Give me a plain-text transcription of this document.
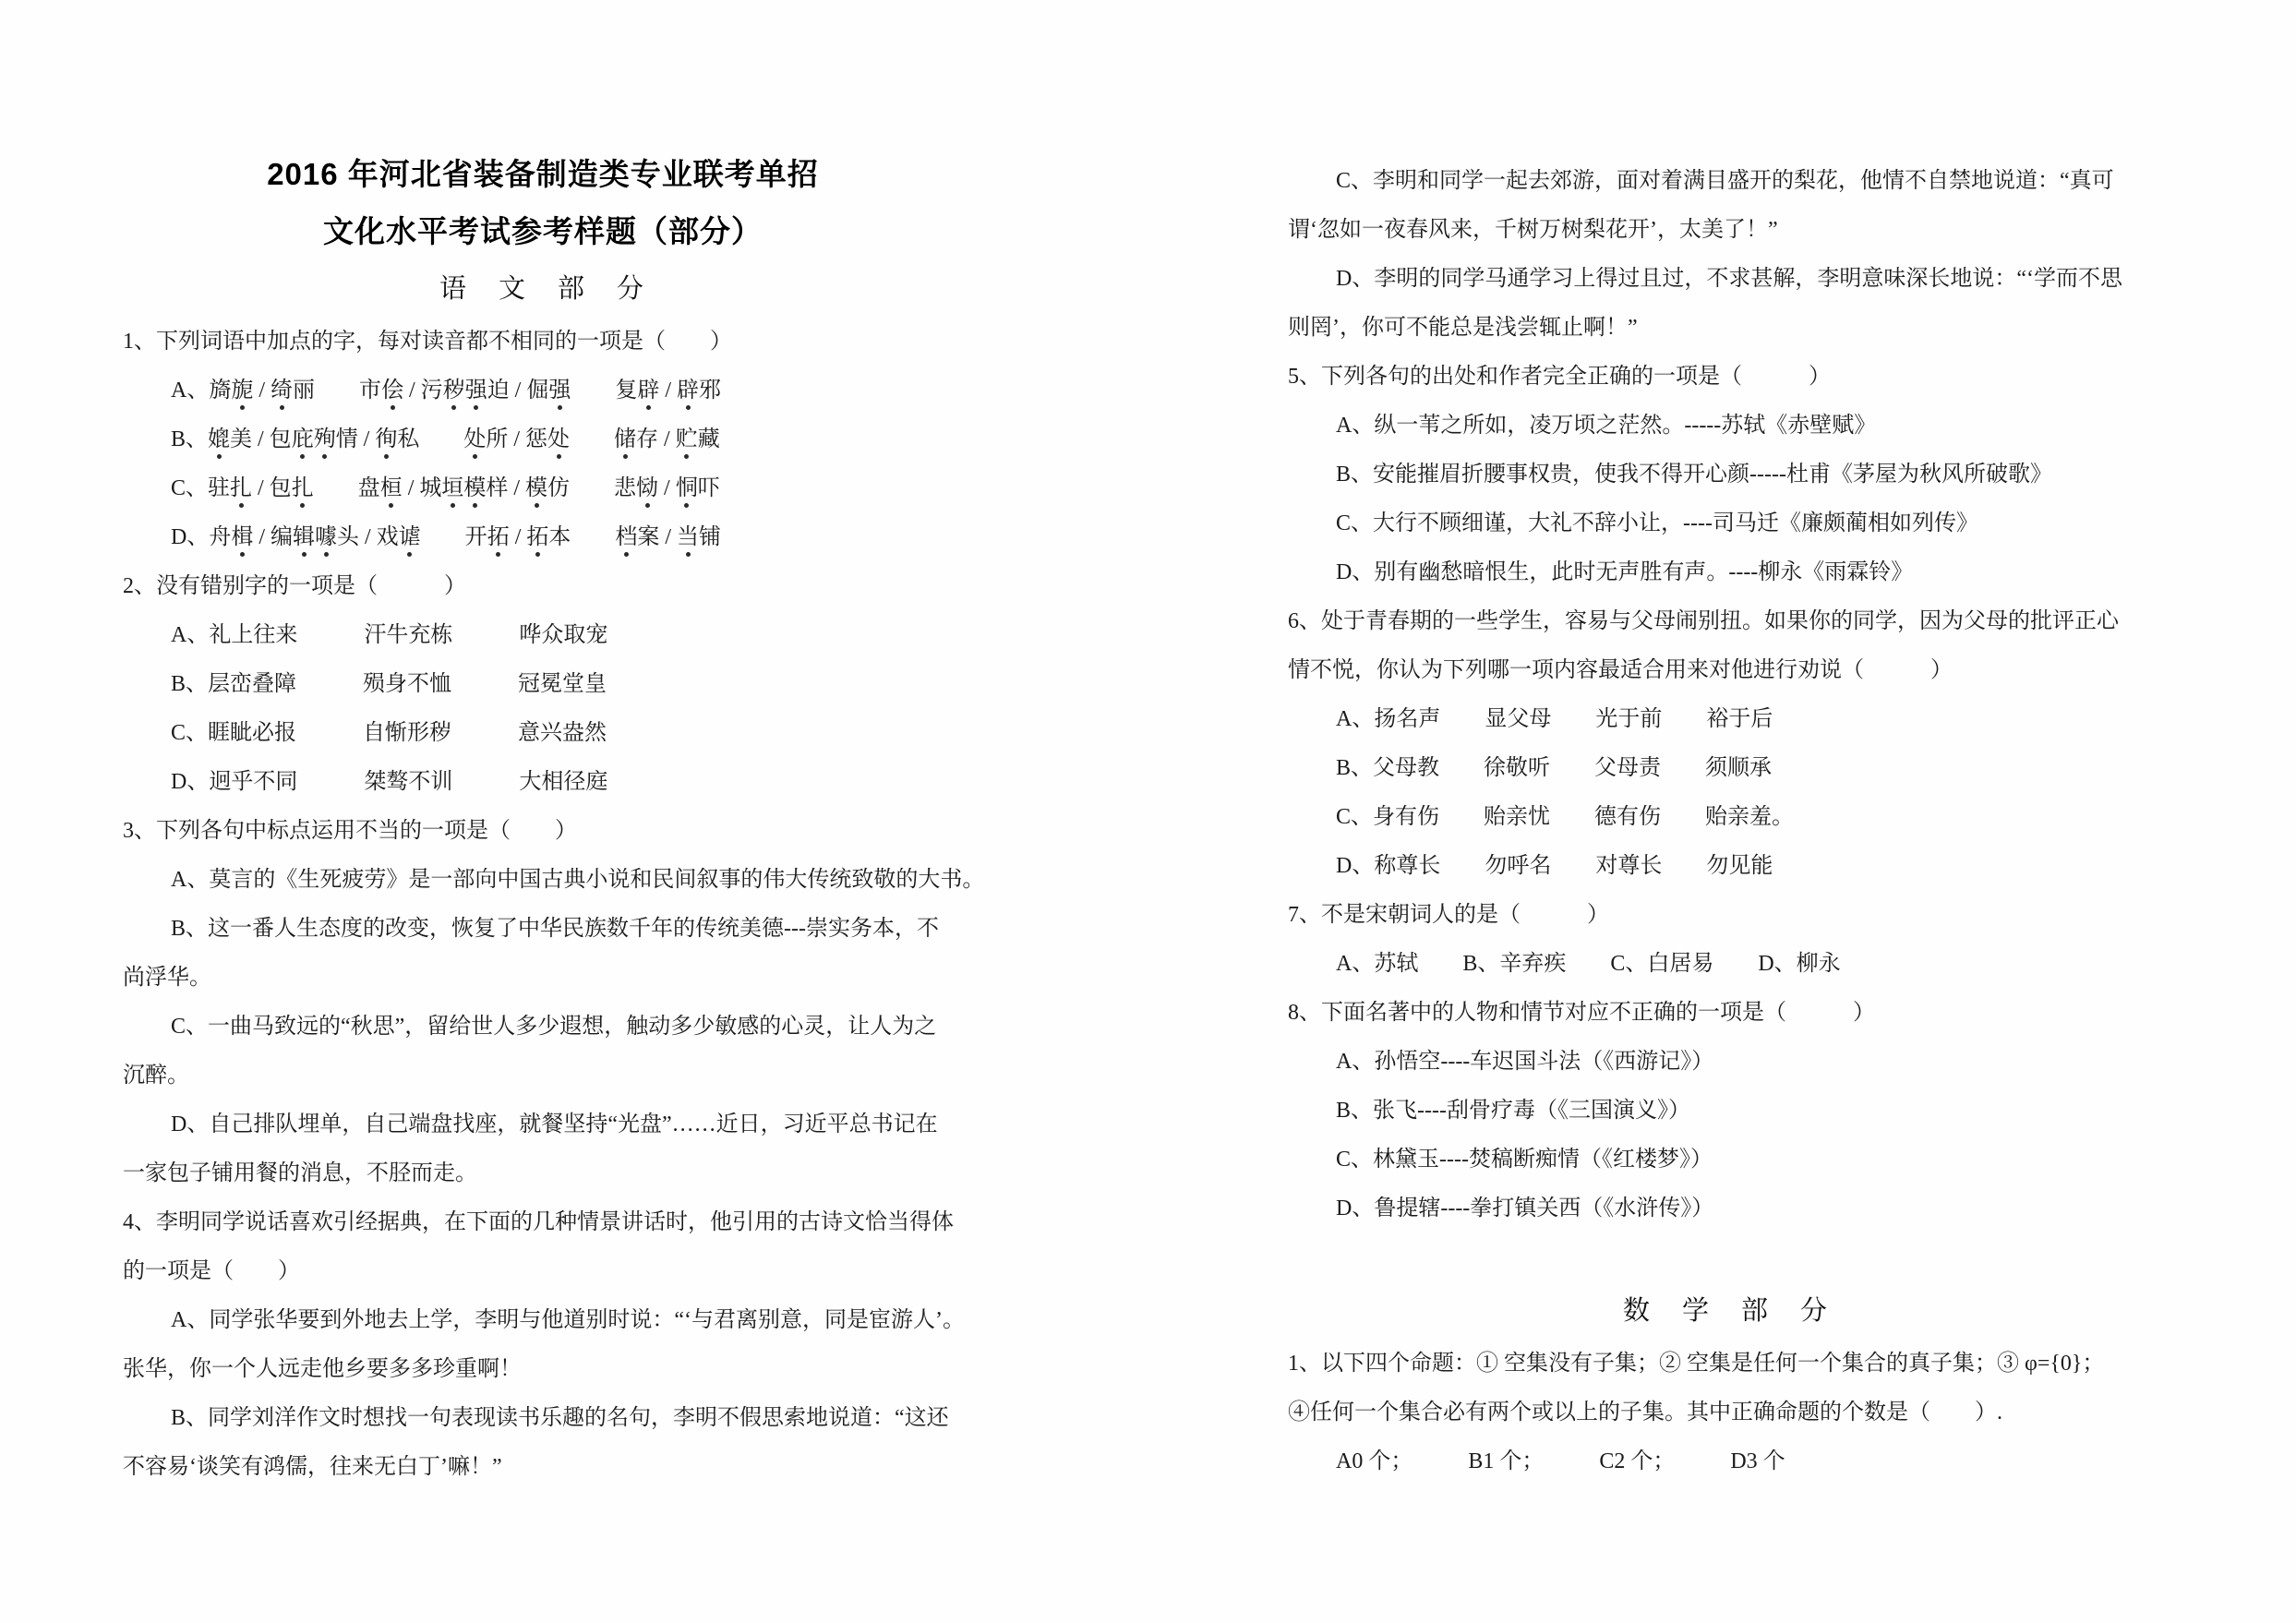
2016 年河北省装备制造类专业联考单招
文化水平考试参考样题（部分）
语　文　部　分
1、下列词语中加点的字，每对读音都不相同的一项是（　　）
A、旖旎 / 绮丽　　市侩 / 污秽强迫 / 倔强　　复辟 / 辟邪
B、媲美 / 包庇殉情 / 徇私　　处所 / 惩处　　 储存 / 贮藏
C、驻扎 / 包扎　　盘桓 / 城垣模样 / 模仿　　悲恸 / 恫吓
D、舟楫 / 编辑噱头 / 戏谑　　开拓 / 拓本　　档案 / 当铺
2、没有错别字的一项是（　　　）
A、礼上往来　　　汗牛充栋　　　哗众取宠
B、层峦叠障　　　殒身不恤　　　冠冕堂皇
C、睚眦必报　　　自惭形秽　　　意兴盎然
D、迥乎不同　　　桀骜不训　　　大相径庭
3、下列各句中标点运用不当的一项是（　　）
A、莫言的《生死疲劳》是一部向中国古典小说和民间叙事的伟大传统致敬的大书。
B、这一番人生态度的改变，恢复了中华民族数千年的传统美德---崇实务本，不
尚浮华。
C、一曲马致远的“秋思”，留给世人多少遐想，触动多少敏感的心灵，让人为之
沉醉。
D、自己排队埋单，自己端盘找座，就餐坚持“光盘”……近日，习近平总书记在
一家包子铺用餐的消息，不胫而走。
4、李明同学说话喜欢引经据典，在下面的几种情景讲话时，他引用的古诗文恰当得体
的一项是（　　）
A、同学张华要到外地去上学，李明与他道别时说：“‘与君离别意，同是宦游人’。
张华，你一个人远走他乡要多多珍重啊！
B、同学刘洋作文时想找一句表现读书乐趣的名句，李明不假思索地说道：“这还
不容易‘谈笑有鸿儒，往来无白丁’嘛！”
C、李明和同学一起去郊游，面对着满目盛开的梨花，他情不自禁地说道：“真可
谓‘忽如一夜春风来，千树万树梨花开’，太美了！”
D、李明的同学马通学习上得过且过，不求甚解，李明意味深长地说：“‘学而不思
则罔’，你可不能总是浅尝辄止啊！”
5、下列各句的出处和作者完全正确的一项是（　　　）
A、纵一苇之所如，凌万顷之茫然。-----苏轼《赤壁赋》
B、安能摧眉折腰事权贵，使我不得开心颜-----杜甫《茅屋为秋风所破歌》
C、大行不顾细谨，大礼不辞小让，----司马迁《廉颇蔺相如列传》
D、别有幽愁暗恨生，此时无声胜有声。----柳永《雨霖铃》
6、处于青春期的一些学生，容易与父母闹别扭。如果你的同学，因为父母的批评正心
情不悦，你认为下列哪一项内容最适合用来对他进行劝说（　　　）
A、扬名声　　显父母　　光于前　　裕于后
B、父母教　　徐敬听　　父母责　　须顺承
C、身有伤　　贻亲忧　　德有伤　　贻亲羞。
D、称尊长　　勿呼名　　对尊长　　勿见能
7、不是宋朝词人的是（　　　）
A、苏轼　　B、辛弃疾　　C、白居易　　D、柳永
8、下面名著中的人物和情节对应不正确的一项是（　　　）
A、孙悟空----车迟国斗法（《西游记》）
B、张飞----刮骨疗毒（《三国演义》）
C、林黛玉----焚稿断痴情（《红楼梦》）
D、鲁提辖----拳打镇关西（《水浒传》）
数　学　部　分
1、以下四个命题：① 空集没有子集；② 空集是任何一个集合的真子集；③ φ={0}；
④任何一个集合必有两个或以上的子集。其中正确命题的个数是（　　）.
A0 个；　　　B1 个；　　　C2 个；　　　D3 个
